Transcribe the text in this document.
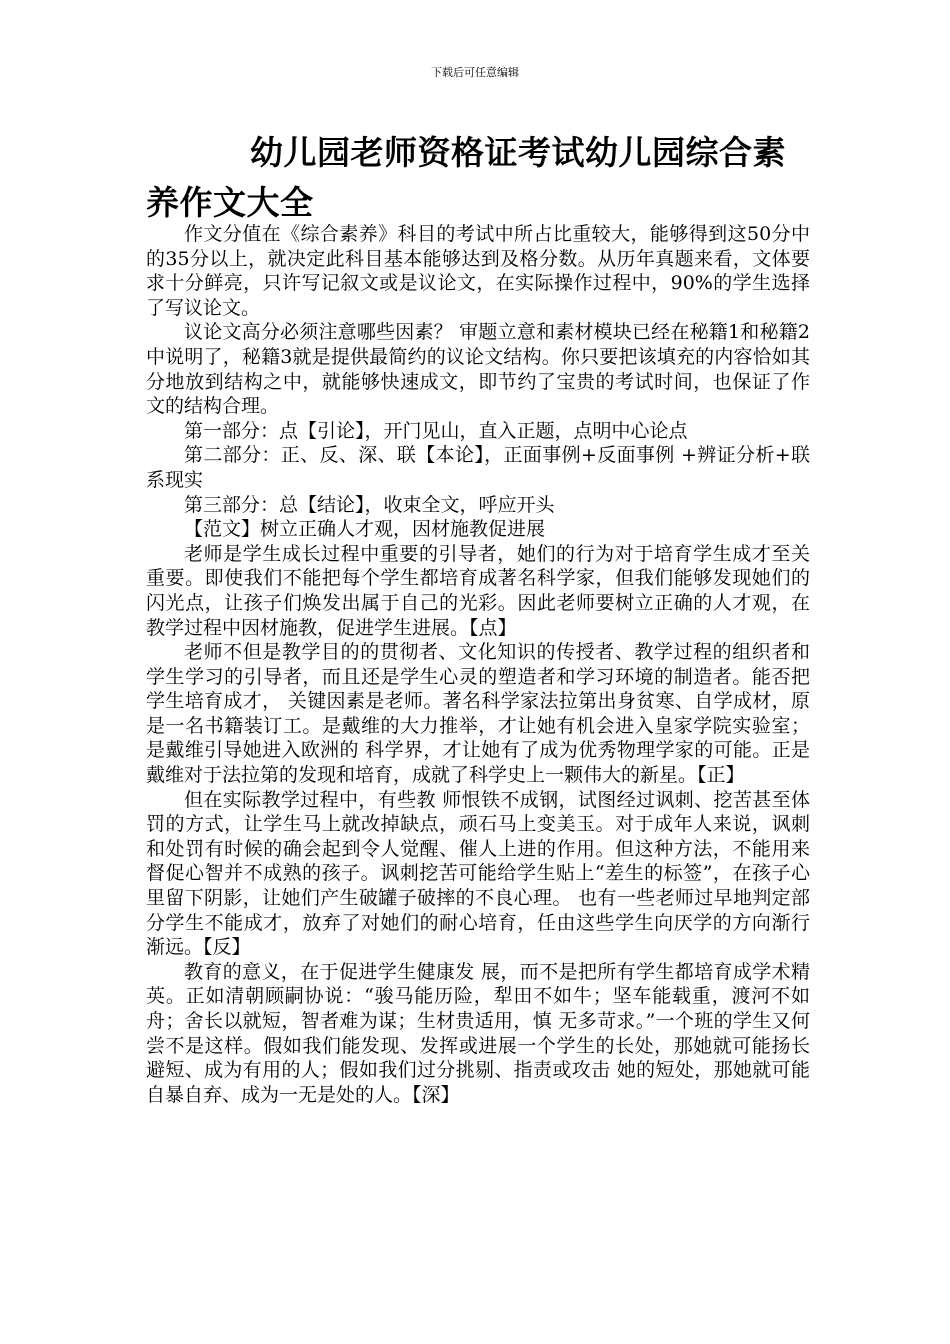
下载后可任意编辑
幼儿园老师资格证考试幼儿园综合素养作文大全

作文分值在《综合素养》科目的考试中所占比重较大，能够得到这50分中的35分以上，就决定此科目基本能够达到及格分数。从历年真题来看，文体要求十分鲜亮，只许写记叙文或是议论文，在实际操作过程中，90%的学生选择了写议论文。

议论文高分必须注意哪些因素？ 审题立意和素材模块已经在秘籍1和秘籍2中说明了，秘籍3就是提供最简约的议论文结构。你只要把该填充的内容恰如其分地放到结构之中，就能够快速成文，即节约了宝贵的考试时间，也保证了作文的结构合理。

第一部分：点【引论】，开门见山，直入正题，点明中心论点

第二部分：正、反、深、联【本论】，正面事例+反面事例 +辨证分析+联系现实

第三部分：总【结论】，收束全文，呼应开头

【范文】树立正确人才观，因材施教促进展

老师是学生成长过程中重要的引导者，她们的行为对于培育学生成才至关重要。即使我们不能把每个学生都培育成著名科学家，但我们能够发现她们的闪光点，让孩子们焕发出属于自己的光彩。因此老师要树立正确的人才观，在教学过程中因材施教，促进学生进展。【点】

老师不但是教学目的的贯彻者、文化知识的传授者、教学过程的组织者和学生学习的引导者，而且还是学生心灵的塑造者和学习环境的制造者。能否把学生培育成才， 关键因素是老师。著名科学家法拉第出身贫寒、自学成材，原是一名书籍装订工。是戴维的大力推举，才让她有机会进入皇家学院实验室；是戴维引导她进入欧洲的 科学界，才让她有了成为优秀物理学家的可能。正是戴维对于法拉第的发现和培育，成就了科学史上一颗伟大的新星。【正】

但在实际教学过程中，有些教 师恨铁不成钢，试图经过讽刺、挖苦甚至体罚的方式，让学生马上就改掉缺点，顽石马上变美玉。对于成年人来说，讽刺和处罚有时候的确会起到令人觉醒、催人上进的作用。但这种方法，不能用来督促心智并不成熟的孩子。讽刺挖苦可能给学生贴上“差生的标签”，在孩子心里留下阴影，让她们产生破罐子破摔的不良心理。 也有一些老师过早地判定部分学生不能成才，放弃了对她们的耐心培育，任由这些学生向厌学的方向渐行渐远。【反】

教育的意义，在于促进学生健康发 展，而不是把所有学生都培育成学术精英。正如清朝顾嗣协说：“骏马能历险，犁田不如牛；坚车能载重，渡河不如舟；舍长以就短，智者难为谋；生材贵适用，慎 无多苛求。”一个班的学生又何尝不是这样。假如我们能发现、发挥或进展一个学生的长处，那她就可能扬长避短、成为有用的人；假如我们过分挑剔、指责或攻击 她的短处，那她就可能自暴自弃、成为一无是处的人。【深】
